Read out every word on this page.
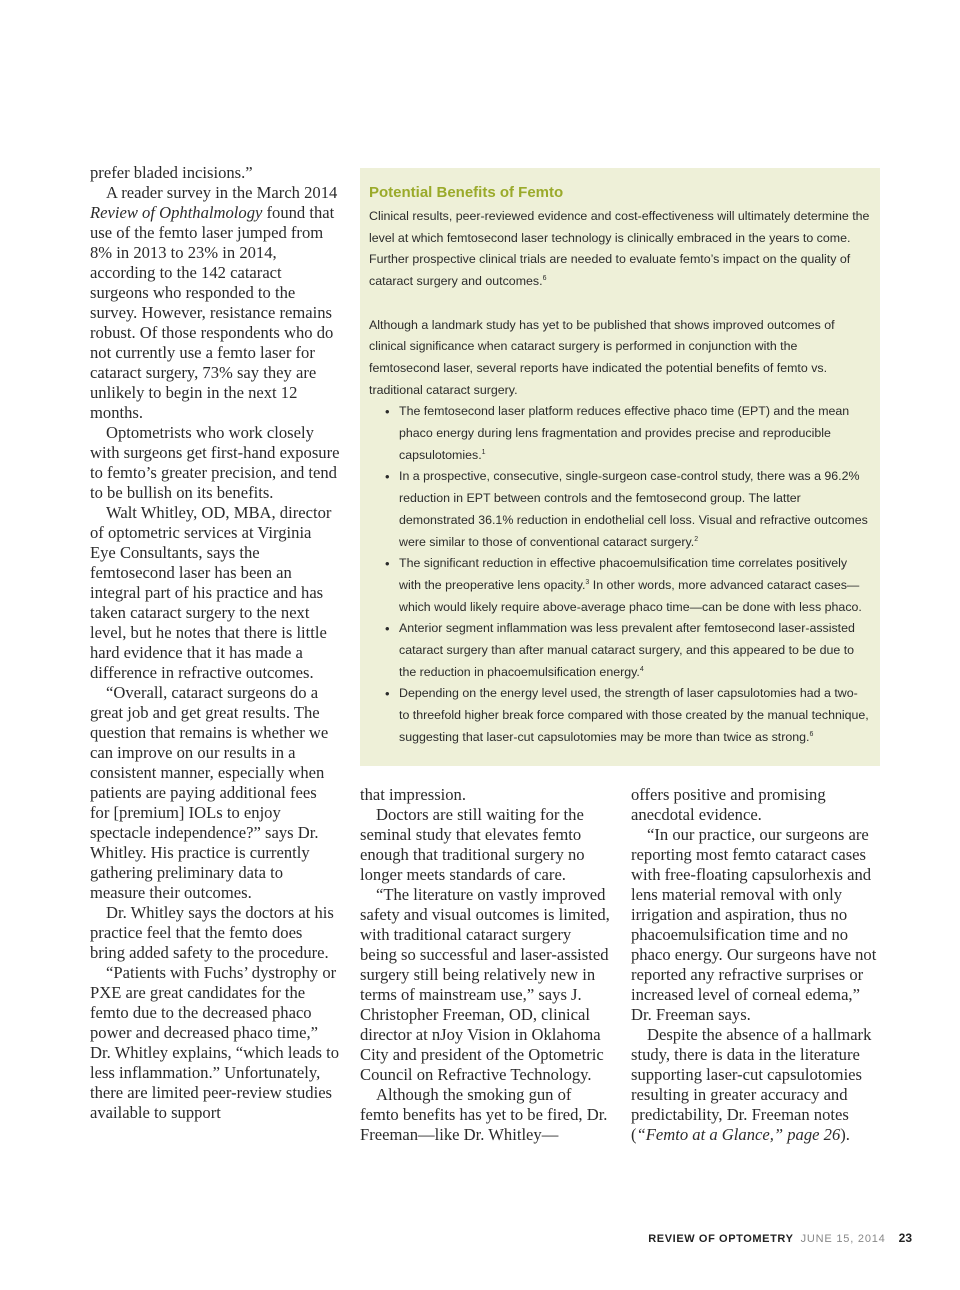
prefer bladed incisions.”

A reader survey in the March 2014 Review of Ophthalmology found that use of the femto laser jumped from 8% in 2013 to 23% in 2014, according to the 142 cataract surgeons who responded to the survey. However, resistance remains robust. Of those respondents who do not currently use a femto laser for cataract surgery, 73% say they are unlikely to begin in the next 12 months.

Optometrists who work closely with surgeons get first-hand exposure to femto’s greater precision, and tend to be bullish on its benefits.

Walt Whitley, OD, MBA, director of optometric services at Virginia Eye Consultants, says the femtosecond laser has been an integral part of his practice and has taken cataract surgery to the next level, but he notes that there is little hard evidence that it has made a difference in refractive outcomes.

“Overall, cataract surgeons do a great job and get great results. The question that remains is whether we can improve on our results in a consistent manner, especially when patients are paying additional fees for [premium] IOLs to enjoy spectacle independence?” says Dr. Whitley. His practice is currently gathering preliminary data to measure their outcomes.

Dr. Whitley says the doctors at his practice feel that the femto does bring added safety to the procedure.

“Patients with Fuchs’ dystrophy or PXE are great candidates for the femto due to the decreased phaco power and decreased phaco time,” Dr. Whitley explains, “which leads to less inflammation.” Unfortunately, there are limited peer-review studies available to support

Potential Benefits of Femto

Clinical results, peer-reviewed evidence and cost-effectiveness will ultimately determine the level at which femtosecond laser technology is clinically embraced in the years to come. Further prospective clinical trials are needed to evaluate femto’s impact on the quality of cataract surgery and outcomes.$^6$

Although a landmark study has yet to be published that shows improved outcomes of clinical significance when cataract surgery is performed in conjunction with the femtosecond laser, several reports have indicated the potential benefits of femto vs. traditional cataract surgery.

• The femtosecond laser platform reduces effective phaco time (EPT) and the mean phaco energy during lens fragmentation and provides precise and reproducible capsulotomies.$^1$
• In a prospective, consecutive, single-surgeon case-control study, there was a 96.2% reduction in EPT between controls and the femtosecond group. The latter demonstrated 36.1% reduction in endothelial cell loss. Visual and refractive outcomes were similar to those of conventional cataract surgery.$^2$
• The significant reduction in effective phacoemulsification time correlates positively with the preoperative lens opacity.$^3$ In other words, more advanced cataract cases—which would likely require above-average phaco time—can be done with less phaco.
• Anterior segment inflammation was less prevalent after femtosecond laser-assisted cataract surgery than after manual cataract surgery, and this appeared to be due to the reduction in phacoemulsification energy.$^4$
• Depending on the energy level used, the strength of laser capsulotomies had a two- to threefold higher break force compared with those created by the manual technique, suggesting that laser-cut capsulotomies may be more than twice as strong.$^6$

that impression.

Doctors are still waiting for the seminal study that elevates femto enough that traditional surgery no longer meets standards of care.

“The literature on vastly improved safety and visual outcomes is limited, with traditional cataract surgery being so successful and laser-assisted surgery still being relatively new in terms of mainstream use,” says J. Christopher Freeman, OD, clinical director at nJoy Vision in Oklahoma City and president of the Optometric Council on Refractive Technology.

Although the smoking gun of femto benefits has yet to be fired, Dr. Freeman—like Dr. Whitley—

offers positive and promising anecdotal evidence.

“In our practice, our surgeons are reporting most femto cataract cases with free-floating capsulorhexis and lens material removal with only irrigation and aspiration, thus no phacoemulsification time and no phaco energy. Our surgeons have not reported any refractive surprises or increased level of corneal edema,” Dr. Freeman says.

Despite the absence of a hallmark study, there is data in the literature supporting laser-cut capsulotomies resulting in greater accuracy and predictability, Dr. Freeman notes (“Femto at a Glance,” page 26).

REVIEW OF OPTOMETRY JUNE 15, 2014 23
